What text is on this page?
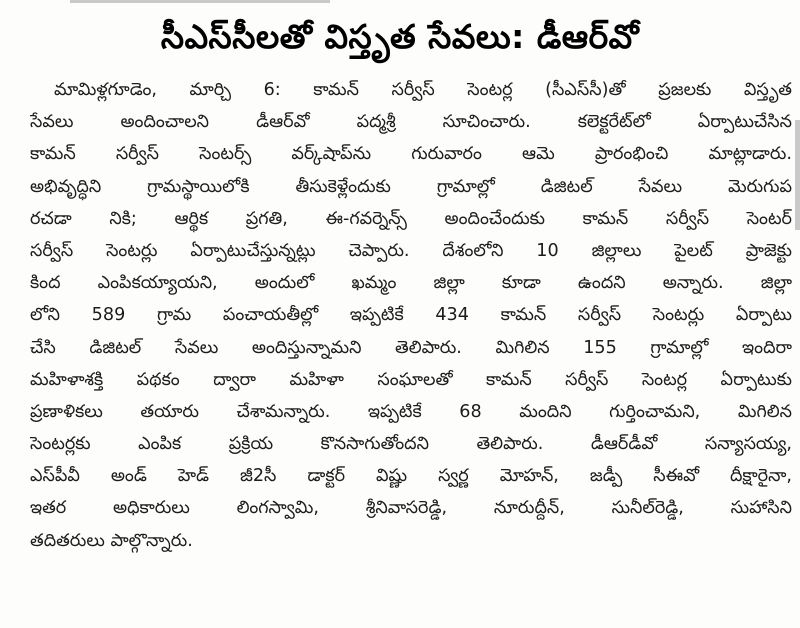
సీఎస్‌సీలతో విస్తృత సేవలు: డీఆర్‌వో
మామిళ్లగూడెం, మార్చి 6: కామన్ సర్వీస్ సెంటర్ల (సీఎస్‌సీ)తో ప్రజలకు విస్తృత
సేవలు అందించాలని డీఆర్‌వో పద్మశ్రీ సూచించారు. కలెక్టరేట్‌లో ఏర్పాటుచేసిన
కామన్ సర్వీస్ సెంటర్స్ వర్క్‌షాప్‌ను గురువారం ఆమె ప్రారంభించి మాట్లాడారు.
అభివృద్ధిని గ్రామస్థాయిలోకి తీసుకెళ్లేందుకు గ్రామాల్లో డిజిటల్ సేవలు మెరుగుప
రచడా నికి; ఆర్థిక ప్రగతి, ఈ-గవర్నెన్స్ అందించేందుకు కామన్ సర్వీస్ సెంటర్
సర్వీస్ సెంటర్లు ఏర్పాటుచేస్తున్నట్లు చెప్పారు. దేశంలోని 10 జిల్లాలు పైలట్ ప్రాజెక్టు
కింద ఎంపికయ్యాయని, అందులో ఖమ్మం జిల్లా కూడా ఉందని అన్నారు. జిల్లా
లోని 589 గ్రామ పంచాయతీల్లో ఇప్పటికే 434 కామన్ సర్వీస్ సెంటర్లు ఏర్పాటు
చేసి డిజిటల్ సేవలు అందిస్తున్నామని తెలిపారు. మిగిలిన 155 గ్రామాల్లో ఇందిరా
మహిళాశక్తి పథకం ద్వారా మహిళా సంఘాలతో కామన్ సర్వీస్ సెంటర్ల ఏర్పాటుకు
ప్రణాళికలు తయారు చేశామన్నారు. ఇప్పటికే 68 మందిని గుర్తించామని, మిగిలిన
సెంటర్లకు ఎంపిక ప్రక్రియ కొనసాగుతోందని తెలిపారు. డీఆర్‌డీవో సన్యాసయ్య,
ఎస్‌పీవీ అండ్ హెడ్ జీ2సీ డాక్టర్ విష్ణు స్వర్ణ మోహన్, జడ్పీ సీఈవో దీక్షారైనా,
ఇతర అధికారులు లింగస్వామి, శ్రీనివాసరెడ్డి, నూరుద్దీన్, సునీల్‌రెడ్డి, సుహాసిని
తదితరులు పాల్గొన్నారు.
